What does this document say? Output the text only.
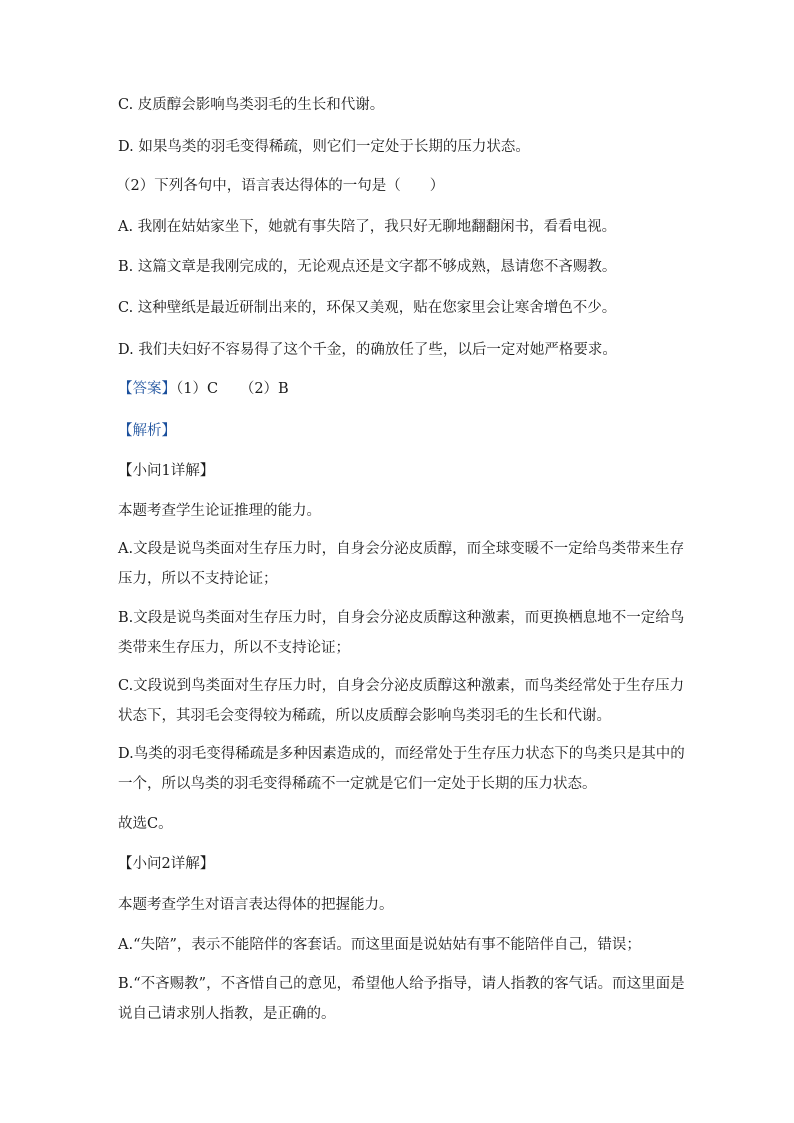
C. 皮质醇会影响鸟类羽毛的生长和代谢。
D. 如果鸟类的羽毛变得稀疏，则它们一定处于长期的压力状态。
（2）下列各句中，语言表达得体的一句是（　　）
A. 我刚在姑姑家坐下，她就有事失陪了，我只好无聊地翻翻闲书，看看电视。
B. 这篇文章是我刚完成的，无论观点还是文字都不够成熟，恳请您不吝赐教。
C. 这种壁纸是最近研制出来的，环保又美观，贴在您家里会让寒舍增色不少。
D. 我们夫妇好不容易得了这个千金，的确放任了些，以后一定对她严格要求。
【答案】（1）C　　（2）B
【解析】
【小问1详解】
本题考查学生论证推理的能力。
A.文段是说鸟类面对生存压力时，自身会分泌皮质醇，而全球变暖不一定给鸟类带来生存压力，所以不支持论证；
B.文段是说鸟类面对生存压力时，自身会分泌皮质醇这种激素，而更换栖息地不一定给鸟类带来生存压力，所以不支持论证；
C.文段说到鸟类面对生存压力时，自身会分泌皮质醇这种激素，而鸟类经常处于生存压力状态下，其羽毛会变得较为稀疏，所以皮质醇会影响鸟类羽毛的生长和代谢。
D.鸟类的羽毛变得稀疏是多种因素造成的，而经常处于生存压力状态下的鸟类只是其中的一个，所以鸟类的羽毛变得稀疏不一定就是它们一定处于长期的压力状态。
故选C。
【小问2详解】
本题考查学生对语言表达得体的把握能力。
A.“失陪”，表示不能陪伴的客套话。而这里面是说姑姑有事不能陪伴自己，错误；
B.“不吝赐教”，不吝惜自己的意见，希望他人给予指导，请人指教的客气话。而这里面是说自己请求别人指教，是正确的。
